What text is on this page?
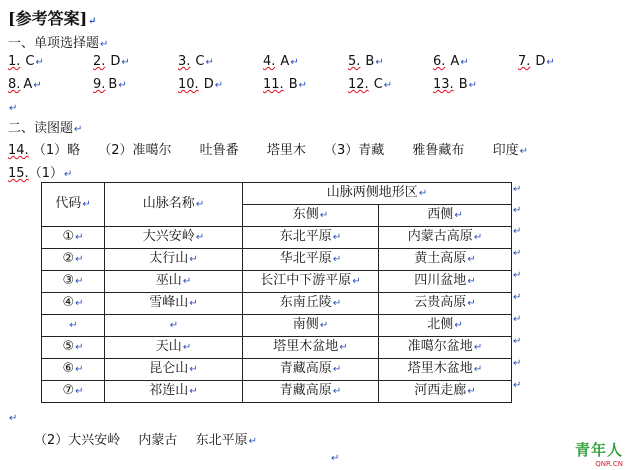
[参考答案]↵
一、单项选择题↵
1. C↵	2. D↵	3. C↵	4. A↵	5. B↵	6. A↵	7. D↵
8. A↵	9. B↵	10. D↵	11. B↵	12. C↵	13. B↵
↵
二、读图题↵
14. （1）略 （2）准噶尔 吐鲁番 塔里木 （3）青藏 雅鲁藏布 印度↵
15.（1）↵
代码↵	山脉名称↵	山脉两侧地形区↵	
		东侧↵	西侧↵
①↵	大兴安岭↵	东北平原↵	内蒙古高原↵
②↵	太行山↵	华北平原↵	黄土高原↵
③↵	巫山↵	长江中下游平原↵	四川盆地↵
④↵	雪峰山↵	东南丘陵↵	云贵高原↵
↵	↵	南侧↵	北侧↵
⑤↵	天山↵	塔里木盆地↵	准噶尔盆地↵
⑥↵	昆仑山↵	青藏高原↵	塔里木盆地↵
⑦↵	祁连山↵	青藏高原↵	河西走廊↵
↵
↵
↵
↵
↵
↵
↵
↵
↵
↵
↵
（2）大兴安岭 内蒙古 东北平原↵
↵	青年人
QNR.CN
